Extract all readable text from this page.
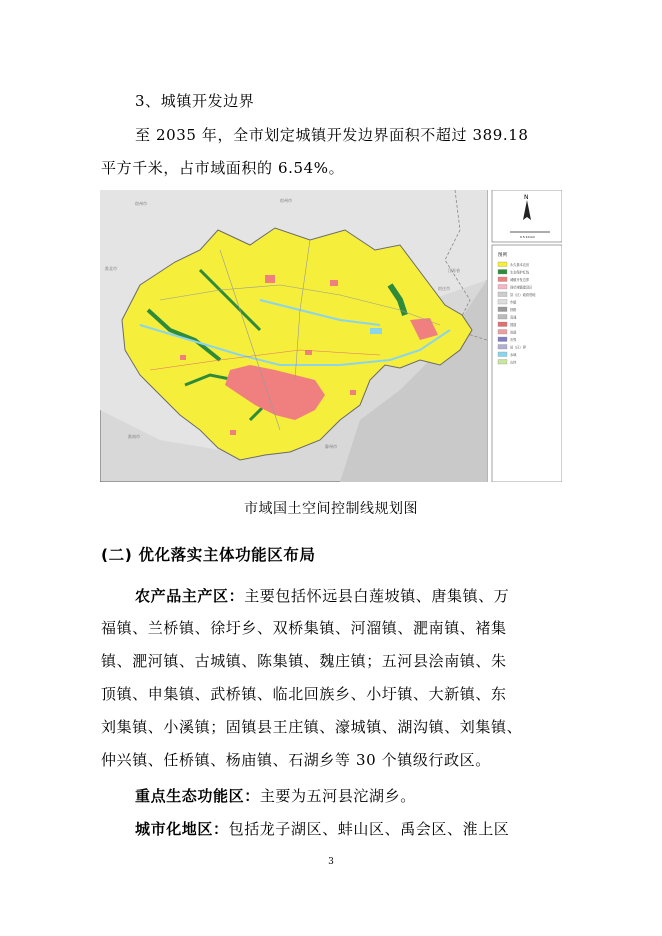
3、城镇开发边界
至 2035 年，全市划定城镇开发边界面积不超过 389.18
平方千米，占市域面积的 6.54%。
宿州市
宿州市
江苏省
宿迁市
淮南市
滁州市
淮北市
N
0 5 10 km
图例
永久基本农田
生态保护红线
城镇开发边界
现状城镇建设区
县（区）政府驻地
乡镇
铁路
高速
国道
省道
市界
县（区）界
水域
山体
市域国土空间控制线规划图
(二) 优化落实主体功能区布局
农产品主产区：主要包括怀远县白莲坡镇、唐集镇、万
福镇、兰桥镇、徐圩乡、双桥集镇、河溜镇、淝南镇、褚集
镇、淝河镇、古城镇、陈集镇、魏庄镇；五河县浍南镇、朱
顶镇、申集镇、武桥镇、临北回族乡、小圩镇、大新镇、东
刘集镇、小溪镇；固镇县王庄镇、濠城镇、湖沟镇、刘集镇、
仲兴镇、任桥镇、杨庙镇、石湖乡等 30 个镇级行政区。
重点生态功能区：主要为五河县沱湖乡。
城市化地区：包括龙子湖区、蚌山区、禹会区、淮上区
3
